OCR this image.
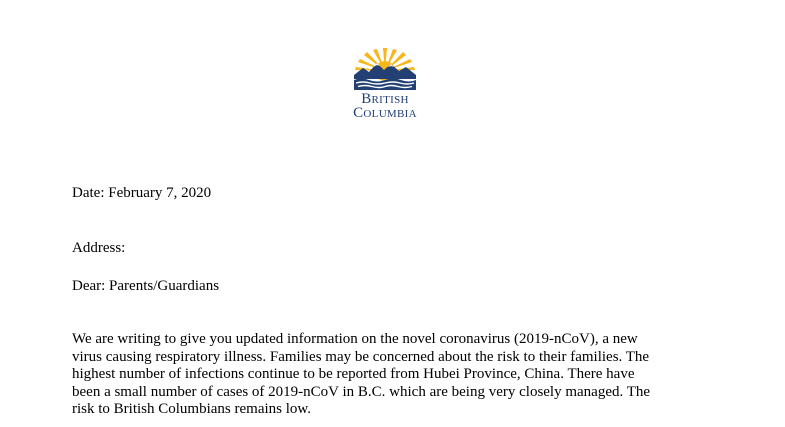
British
Columbia
Date: February 7, 2020
Address:
Dear: Parents/Guardians
We are writing to give you updated information on the novel coronavirus (2019-nCoV), a new
virus causing respiratory illness. Families may be concerned about the risk to their families. The
highest number of infections continue to be reported from Hubei Province, China. There have
been a small number of cases of 2019-nCoV in B.C. which are being very closely managed. The
risk to British Columbians remains low.
